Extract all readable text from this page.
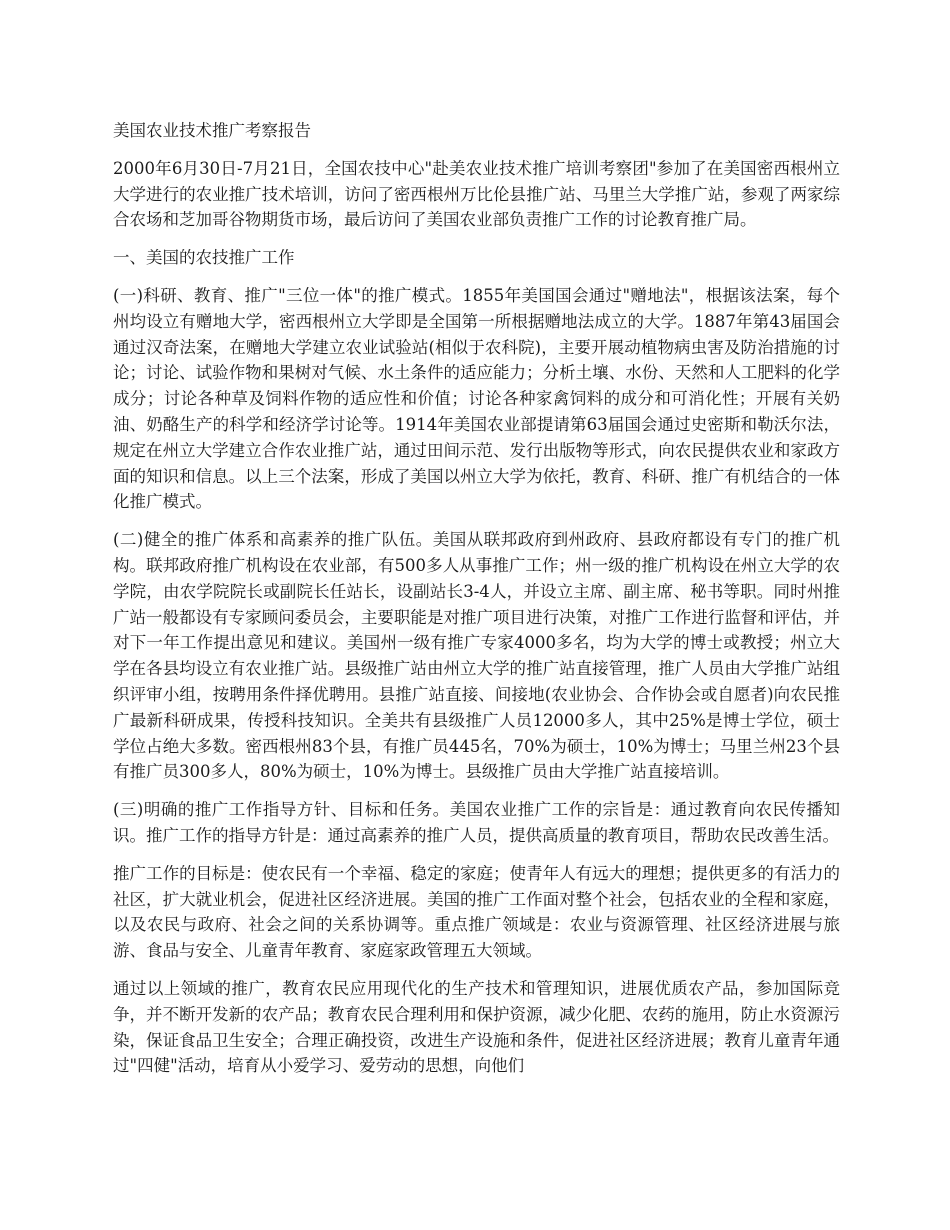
美国农业技术推广考察报告

2000年6月30日-7月21日，全国农技中心"赴美农业技术推广培训考察团"参加了在美国密西根州立大学进行的农业推广技术培训，访问了密西根州万比伦县推广站、马里兰大学推广站，参观了两家综合农场和芝加哥谷物期货市场，最后访问了美国农业部负责推广工作的讨论教育推广局。

一、美国的农技推广工作

(一)科研、教育、推广"三位一体"的推广模式。1855年美国国会通过"赠地法"，根据该法案，每个州均设立有赠地大学，密西根州立大学即是全国第一所根据赠地法成立的大学。1887年第43届国会通过汉奇法案，在赠地大学建立农业试验站(相似于农科院)，主要开展动植物病虫害及防治措施的讨论；讨论、试验作物和果树对气候、水土条件的适应能力；分析土壤、水份、天然和人工肥料的化学成分；讨论各种草及饲料作物的适应性和价值；讨论各种家禽饲料的成分和可消化性；开展有关奶油、奶酪生产的科学和经济学讨论等。1914年美国农业部提请第63届国会通过史密斯和勒沃尔法，规定在州立大学建立合作农业推广站，通过田间示范、发行出版物等形式，向农民提供农业和家政方面的知识和信息。以上三个法案，形成了美国以州立大学为依托，教育、科研、推广有机结合的一体化推广模式。

(二)健全的推广体系和高素养的推广队伍。美国从联邦政府到州政府、县政府都设有专门的推广机构。联邦政府推广机构设在农业部，有500多人从事推广工作；州一级的推广机构设在州立大学的农学院，由农学院院长或副院长任站长，设副站长3-4人，并设立主席、副主席、秘书等职。同时州推广站一般都设有专家顾问委员会，主要职能是对推广项目进行决策，对推广工作进行监督和评估，并对下一年工作提出意见和建议。美国州一级有推广专家4000多名，均为大学的博士或教授；州立大学在各县均设立有农业推广站。县级推广站由州立大学的推广站直接管理，推广人员由大学推广站组织评审小组，按聘用条件择优聘用。县推广站直接、间接地(农业协会、合作协会或自愿者)向农民推广最新科研成果，传授科技知识。全美共有县级推广人员12000多人，其中25%是博士学位，硕士学位占绝大多数。密西根州83个县，有推广员445名，70%为硕士，10%为博士；马里兰州23个县有推广员300多人，80%为硕士，10%为博士。县级推广员由大学推广站直接培训。

(三)明确的推广工作指导方针、目标和任务。美国农业推广工作的宗旨是：通过教育向农民传播知识。推广工作的指导方针是：通过高素养的推广人员，提供高质量的教育项目，帮助农民改善生活。

推广工作的目标是：使农民有一个幸福、稳定的家庭；使青年人有远大的理想；提供更多的有活力的社区，扩大就业机会，促进社区经济进展。美国的推广工作面对整个社会，包括农业的全程和家庭，以及农民与政府、社会之间的关系协调等。重点推广领域是：农业与资源管理、社区经济进展与旅游、食品与安全、儿童青年教育、家庭家政管理五大领域。

通过以上领域的推广，教育农民应用现代化的生产技术和管理知识，进展优质农产品，参加国际竞争，并不断开发新的农产品；教育农民合理利用和保护资源，减少化肥、农药的施用，防止水资源污染，保证食品卫生安全；合理正确投资，改进生产设施和条件，促进社区经济进展；教育儿童青年通过"四健"活动，培育从小爱学习、爱劳动的思想，向他们
